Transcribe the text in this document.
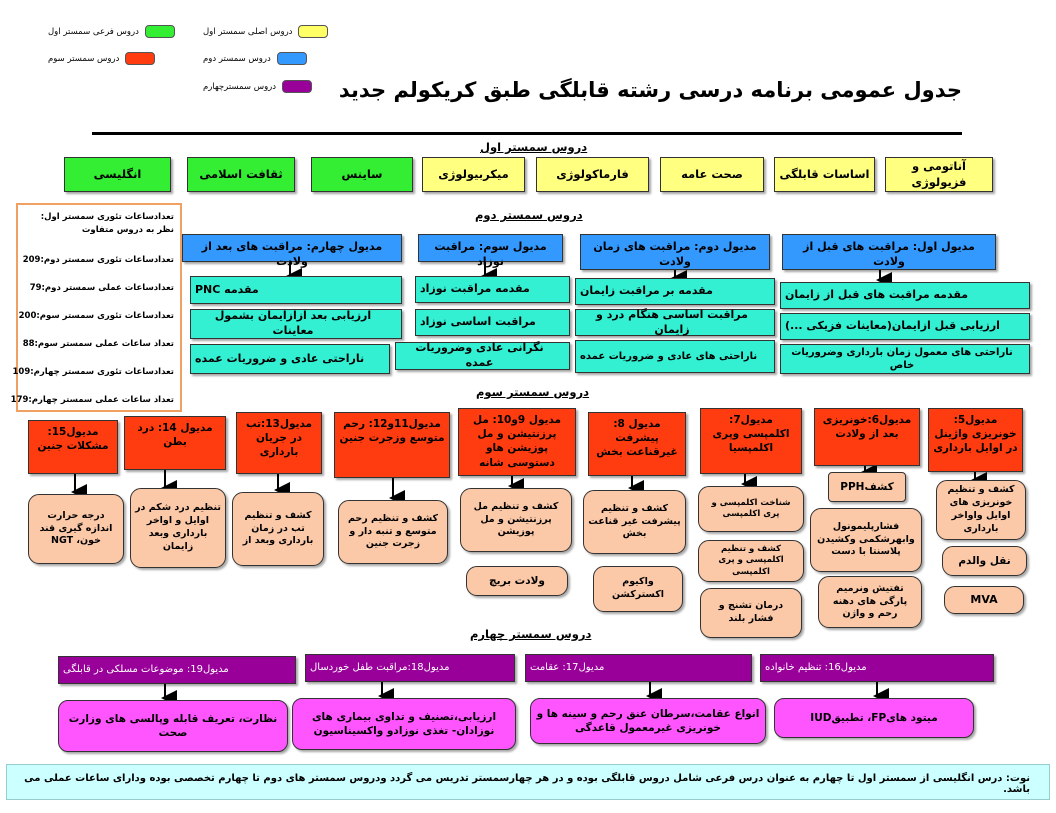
دروس اصلی سمستر اول
دروس فرعی سمستر اول
دروس سمستر دوم
دروس سمستر سوم
دروس سمسترچهارم	جدول عمومی برنامه درسی رشته قابلگی طبق کریکولم جدید
دروس سمستر اول
آناتومی و فزیولوژی
اساسات قابلگی
صحت عامه
فارماکولوژی
میکربیولوژی
ساینس
ثقافت اسلامی
انگلیسی
تعدادساعات تئوری سمستر اول: نظر به دروس متفاوت
تعدادساعات تئوری سمستر دوم:209
تعدادساعات عملی سمستر دوم:79
تعدادساعات تئوری سمستر سوم:200
تعداد ساعات عملی سمستر سوم:88
تعدادساعات تئوری سمستر چهارم:109
تعداد ساعات عملی سمستر چهارم:179
دروس سمستر دوم
مدیول اول: مراقبت های قبل از ولادت
مقدمه مراقبت های قبل از زایمان
ارزیابی قبل ازایمان(معاینات فزیکی ...)
ناراحتی های معمول زمان بارداری وضروریات خاص
مدیول دوم: مراقبت های زمان ولادت
مقدمه بر مراقبت زایمان
مراقبت اساسی هنگام درد و زایمان
ناراحتی های عادی و ضروریات عمده
مدیول سوم: مراقبت نوزاد
مقدمه مراقبت نوزاد
مراقبت اساسی نوزاد
نگرانی عادی وضروریات عمده
مدیول چهارم: مراقبت های بعد از ولادت
مقدمه PNC
ارزیابی بعد ازازایمان بشمول معاینات
ناراحتی عادی و ضروریات عمده
دروس سمستر سوم
مدیول5: خونریزی واژینل در اوایل بارداری
کشف و تنظیم خونریزی های اوایل واواخر بارداری
نقل والدم
MVA
مدیول6:خونریزی بعد از ولادت
کشفPPH
فشارپلیمونول وابهرشکمی وکشیدن پلاسنتا با دست
تفتیش ونرمیم پارگی های دهنه رحم و واژن
مدیول7: اکلمپسی وپری اکلمپسیا
شناخت اکلمپسی و پری اکلمپسی
کشف و تنظیم اکلمپسی و پری اکلمپسی
درمان تشنج و فشار بلند
مدیول 8: پیشرفت غیرقناعت بخش
کشف و تنظیم پیشرفت غیر قناعت بخش
واکیوم اکسترکشن
مدیول 9و10: مل پرزنتیشن و مل پوزیشن هاو دستوسی شانه
کشف و تنظیم مل پرزنتیشن و مل پوزیشن
ولادت بریچ
مدیول11و12: رحم متوسع وزجرت جنین
کشف و تنظیم رحم متوسع و تنبه دار و زجرت جنین
مدیول13:تب در جریان بارداری
کشف و تنظیم تب در زمان بارداری وبعد از
مدیول 14: درد بطن
تنظیم درد شکم در اوایل و اواخر بارداری وبعد زایمان
مدیول15: مشکلات جنین
درجه حرارت اندازه گیری قند خون، NGT
دروس سمستر چهارم
مدیول16: تنظیم خانواده
میتود هایFP، تطبیقIUD
مدیول17: عقامت
انواع عقامت،سرطان عنق رحم و سینه ها و خونریزی غیرمعمول قاعدگی
مدیول18:مراقبت طفل خوردسال
ارزیابی،تصنیف و تداوی بیماری های نوزادان- تغذی نوزادو واکسیناسیون
مدیول19: موضوعات مسلکی در قابلگی
نظارت، تعریف قابله وپالسی های وزارت صحت
نوت: درس انگلیسی از سمستر اول تا چهارم به عنوان درس فرعی شامل دروس قابلگی بوده و در هر چهارسمستر تدریس می گردد ودروس سمستر های دوم تا چهارم تخصصی بوده ودارای ساعات عملی می باشد.
